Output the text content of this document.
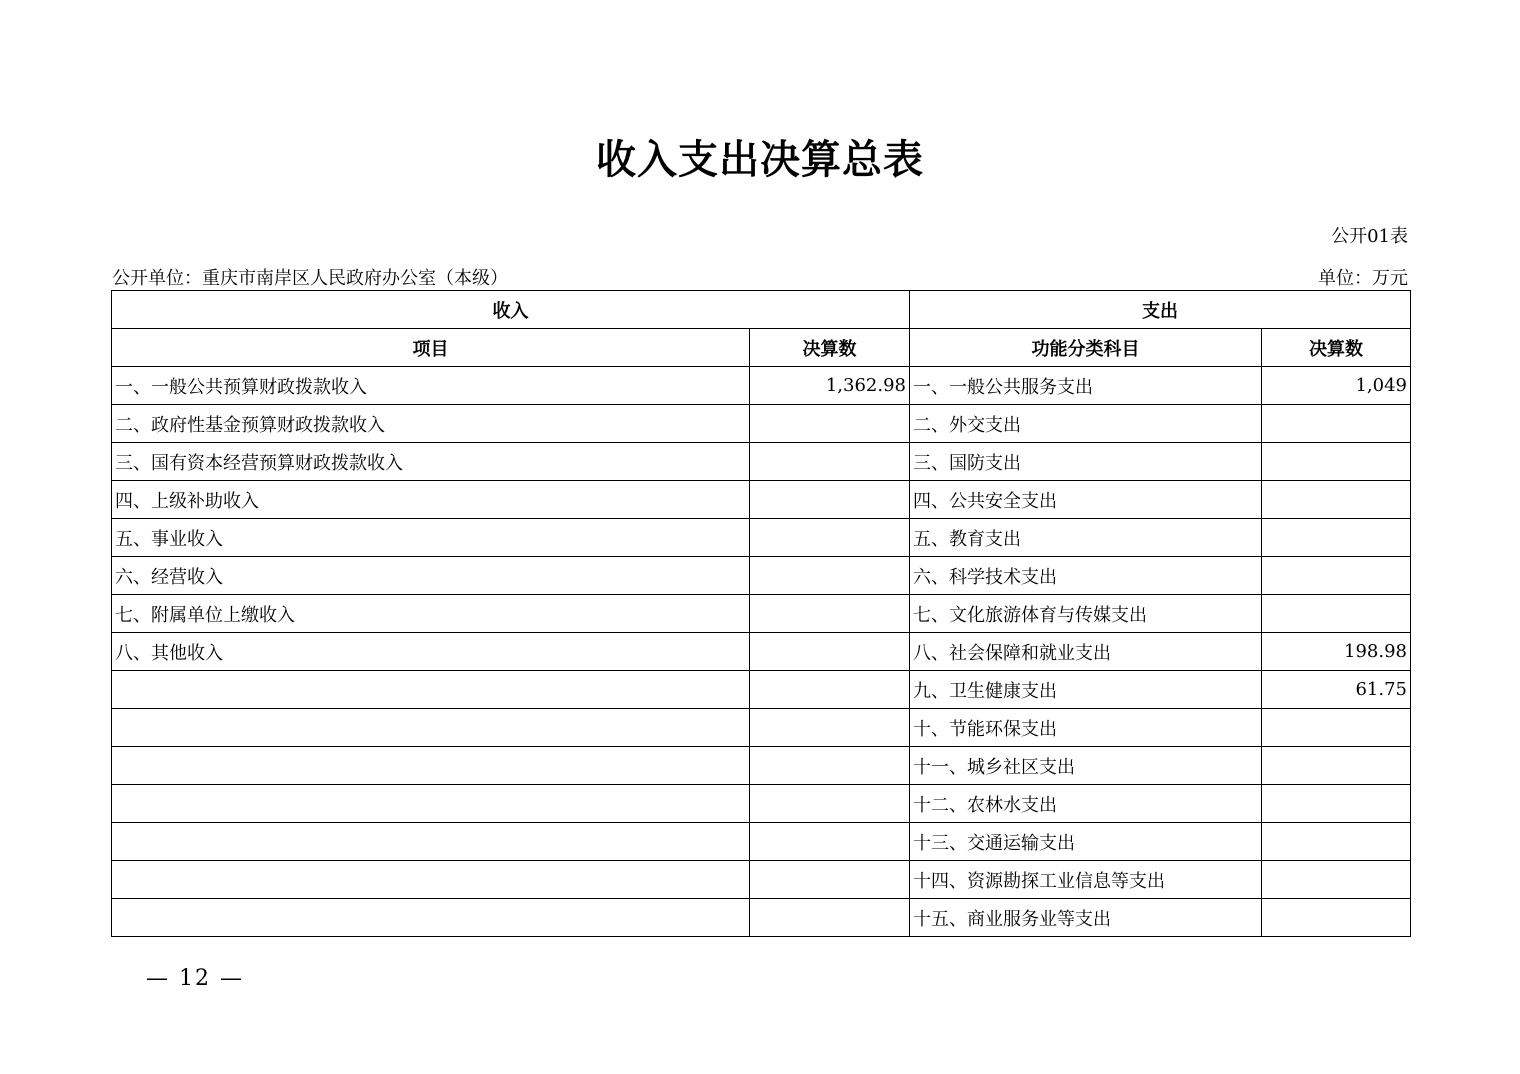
收入支出决算总表
公开01表
公开单位：重庆市南岸区人民政府办公室（本级）	单位：万元
收入		支出	
项目	决算数	功能分类科目	决算数
一、一般公共预算财政拨款收入	1,362.98	一、一般公共服务支出	1,049
二、政府性基金预算财政拨款收入		二、外交支出	
三、国有资本经营预算财政拨款收入		三、国防支出	
四、上级补助收入		四、公共安全支出	
五、事业收入		五、教育支出	
六、经营收入		六、科学技术支出	
七、附属单位上缴收入		七、文化旅游体育与传媒支出	
八、其他收入		八、社会保障和就业支出	198.98
		九、卫生健康支出	61.75
		十、节能环保支出	
		十一、城乡社区支出	
		十二、农林水支出	
		十三、交通运输支出	
		十四、资源勘探工业信息等支出	
		十五、商业服务业等支出	
— 12 —
